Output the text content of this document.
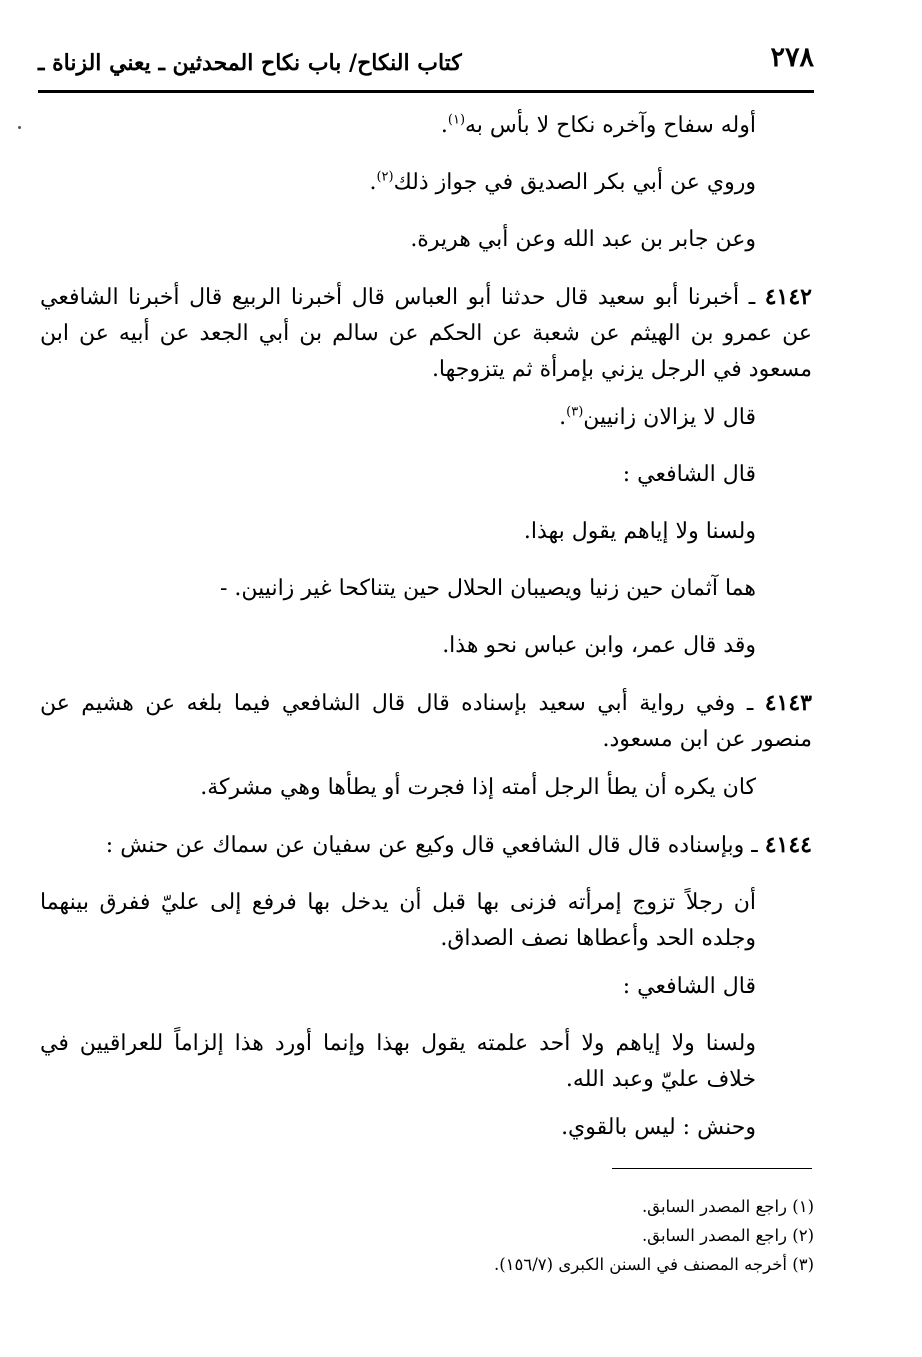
٢٧٨
كتاب النكاح/ باب نكاح المحدثين ـ يعني الزناة ـ

أوله سفاح وآخره نكاح لا بأس به$^{(١)}$.

وروي عن أبي بكر الصديق في جواز ذلك$^{(٢)}$.

وعن جابر بن عبد الله وعن أبي هريرة.

٤١٤٢ ـ أخبرنا أبو سعيد قال حدثنا أبو العباس قال أخبرنا الربيع قال أخبرنا الشافعي عن عمرو بن الهيثم عن شعبة عن الحكم عن سالم بن أبي الجعد عن أبيه عن ابن مسعود في الرجل يزني بإمرأة ثم يتزوجها.

قال لا يزالان زانيين$^{(٣)}$.

قال الشافعي :

ولسنا ولا إياهم يقول بهذا.

هما آثمان حين زنيا ويصيبان الحلال حين يتناكحا غير زانيين. ‐

وقد قال عمر، وابن عباس نحو هذا.

٤١٤٣ ـ وفي رواية أبي سعيد بإسناده قال قال الشافعي فيما بلغه عن هشيم عن منصور عن ابن مسعود.

كان يكره أن يطأ الرجل أمته إذا فجرت أو يطأها وهي مشركة.

٤١٤٤ ـ وبإسناده قال قال الشافعي قال وكيع عن سفيان عن سماك عن حنش :

أن رجلاً تزوج إمرأته فزنى بها قبل أن يدخل بها فرفع إلى عليّ ففرق بينهما وجلده الحد وأعطاها نصف الصداق.

قال الشافعي :

ولسنا ولا إياهم ولا أحد علمته يقول بهذا وإنما أورد هذا إلزاماً للعراقيين في خلاف عليّ وعبد الله.

وحنش : ليس بالقوي.

(١) راجع المصدر السابق.

(٢) راجع المصدر السابق.

(٣) أخرجه المصنف في السنن الكبرى (١٥٦/٧).
